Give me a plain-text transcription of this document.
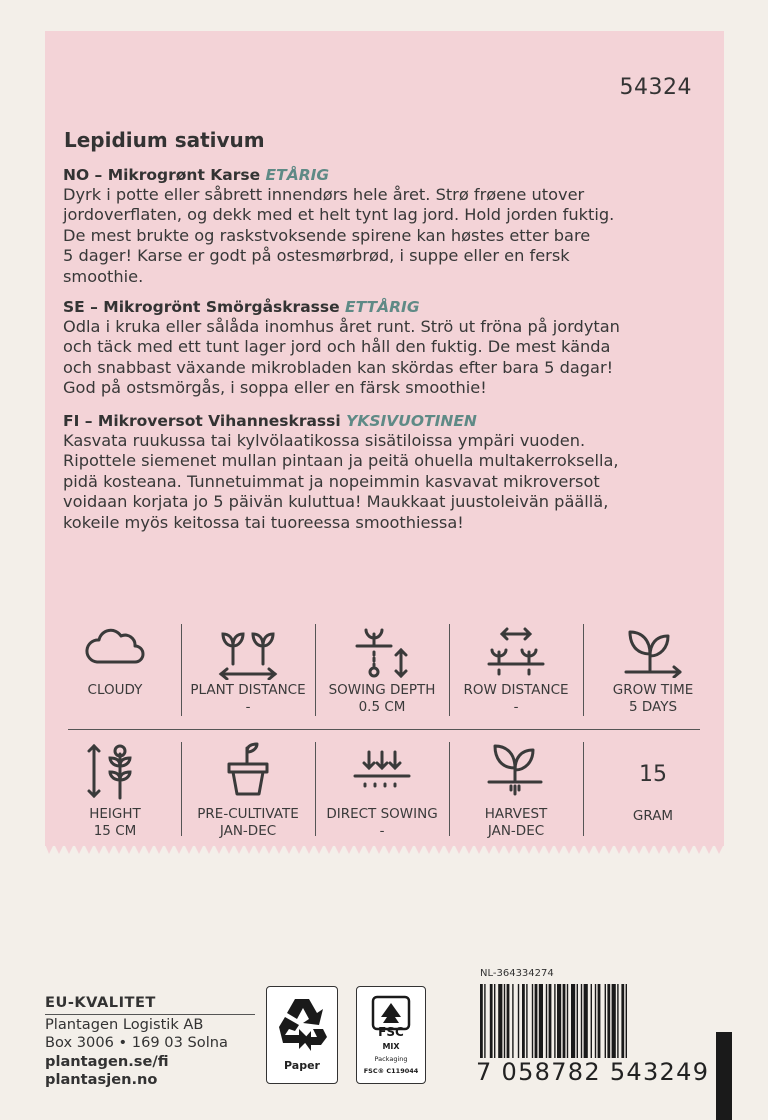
54324
Lepidium sativum
NO – Mikrogrønt Karse ETÅRIG

Dyrk i potte eller såbrett innendørs hele året. Strø frøene utover
jordoverflaten, og dekk med et helt tynt lag jord. Hold jorden fuktig.
De mest brukte og raskstvoksende spirene kan høstes etter bare
5 dager! Karse er godt på ostesmørbrød, i suppe eller en fersk
smoothie.

SE – Mikrogrönt Smörgåskrasse ETTÅRIG

Odla i kruka eller sålåda inomhus året runt. Strö ut fröna på jordytan
och täck med ett tunt lager jord och håll den fuktig. De mest kända
och snabbast växande mikrobladen kan skördas efter bara 5 dagar!
God på ostsmörgås, i soppa eller en färsk smoothie!

FI – Mikroversot Vihanneskrassi YKSIVUOTINEN

Kasvata ruukussa tai kylvölaatikossa sisätiloissa ympäri vuoden.
Ripottele siemenet mullan pintaan ja peitä ohuella multakerroksella,
pidä kosteana. Tunnetuimmat ja nopeimmin kasvavat mikroversot
voidaan korjata jo 5 päivän kuluttua! Maukkaat juustoleivän päällä,
kokeile myös keitossa tai tuoreessa smoothiessa!

CLOUDY	PLANT DISTANCE
-
SOWING DEPTH
0.5 CM
ROW DISTANCE
-
GROW TIME
5 DAYS
HEIGHT
15 CM
PRE-CULTIVATE
JAN-DEC
DIRECT SOWING
-
HARVEST
JAN-DEC
15
GRAM
EU-KVALITET
Plantagen Logistik AB
Box 3006 • 169 03 Solna
plantagen.se/fi
plantasjen.no
Paper
FSC
MIX
Packaging
FSC® C119044
NL-364334274
7 058782 543249
